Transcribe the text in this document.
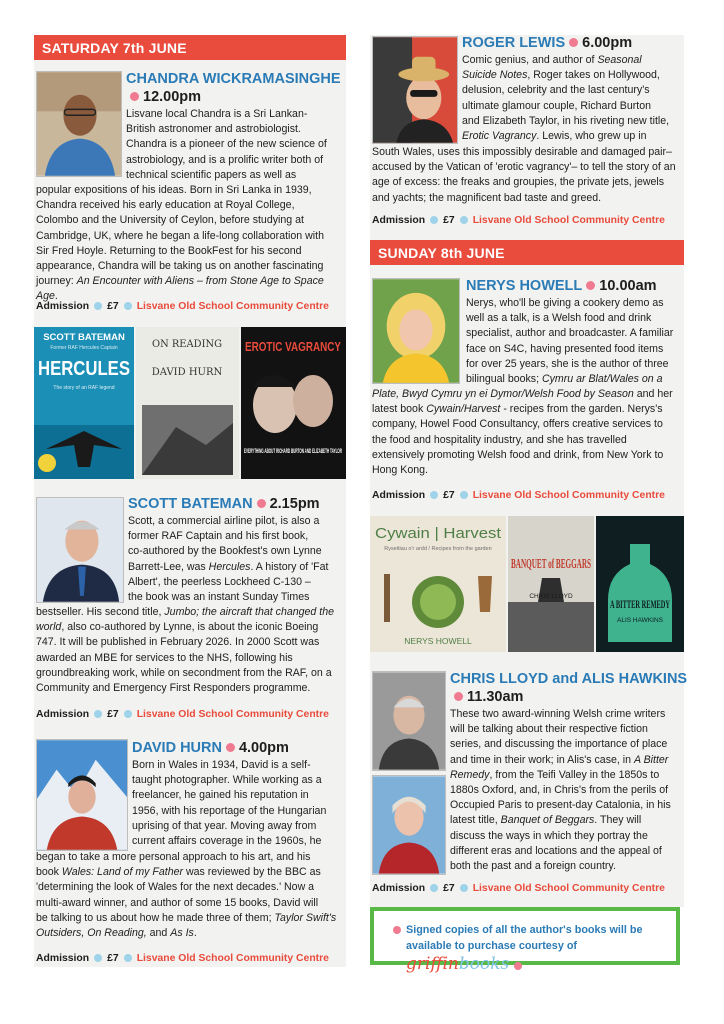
SATURDAY 7th JUNE
CHANDRA WICKRAMASINGHE
12.00pm
Lisvane local Chandra is a Sri Lankan-
British astronomer and astrobiologist.
Chandra is a pioneer of the new science of
astrobiology, and is a prolific writer both of
technical scientific papers as well as
popular expositions of his ideas. Born in Sri Lanka in 1939,
Chandra received his early education at Royal College,
Colombo and the University of Ceylon, before studying at
Cambridge, UK, where he began a life-long collaboration with
Sir Fred Hoyle. Returning to the BookFest for his second
appearance, Chandra will be taking us on another fascinating
journey: An Encounter with Aliens – from Stone Age to Space Age.
Admission £7 Lisvane Old School Community Centre
SCOTT BATEMAN
Former RAF Hercules Captain
HERCULES
The story of an RAF legend
ON READING
DAVID HURN
EROTIC VAGRANCY
EVERYTHING ABOUT RICHARD BURTON AND ELIZABETH TAYLOR
SCOTT BATEMAN 2.15pm
Scott, a commercial airline pilot, is also a
former RAF Captain and his first book,
co-authored by the Bookfest's own Lynne
Barrett-Lee, was Hercules. A history of 'Fat
Albert', the peerless Lockheed C-130 –
the book was an instant Sunday Times
bestseller. His second title, Jumbo; the aircraft that changed the
world, also co-authored by Lynne, is about the iconic Boeing
747. It will be published in February 2026. In 2000 Scott was
awarded an MBE for services to the NHS, following his
groundbreaking work, while on secondment from the RAF, on a
Community and Emergency First Responders programme.
Admission £7 Lisvane Old School Community Centre
DAVID HURN 4.00pm
Born in Wales in 1934, David is a self-
taught photographer. While working as a
freelancer, he gained his reputation in
1956, with his reportage of the Hungarian
uprising of that year. Moving away from
current affairs coverage in the 1960s, he
began to take a more personal approach to his art, and his
book Wales: Land of my Father was reviewed by the BBC as
'determining the look of Wales for the next decades.' Now a
multi-award winner, and author of some 15 books, David will
be talking to us about how he made three of them; Taylor Swift's
Outsiders, On Reading, and As Is.
Admission £7 Lisvane Old School Community Centre
ROGER LEWIS 6.00pm
Comic genius, and author of Seasonal
Suicide Notes, Roger takes on Hollywood,
delusion, celebrity and the last century's
ultimate glamour couple, Richard Burton
and Elizabeth Taylor, in his riveting new title,
Erotic Vagrancy. Lewis, who grew up in
South Wales, uses this impossibly desirable and damaged pair–
accused by the Vatican of 'erotic vagrancy'– to tell the story of an
age of excess: the freaks and groupies, the private jets, jewels
and yachts; the magnificent bad taste and greed.
Admission £7 Lisvane Old School Community Centre
SUNDAY 8th JUNE
NERYS HOWELL 10.00am
Nerys, who'll be giving a cookery demo as
well as a talk, is a Welsh food and drink
specialist, author and broadcaster. A familiar
face on S4C, having presented food items
for over 25 years, she is the author of three
bilingual books; Cymru ar Blat/Wales on a
Plate, Bwyd Cymru yn ei Dymor/Welsh Food by Season and her
latest book Cywain/Harvest - recipes from the garden. Nerys's
company, Howel Food Consultancy, offers creative services to
the food and hospitality industry, and she has travelled
extensively promoting Welsh food and drink, from New York to
Hong Kong.
Admission £7 Lisvane Old School Community Centre
Cywain | Harvest
Ryseitiau o'r ardd / Recipes from the garden
NERYS HOWELL
BANQUET of BEGGARS
CHRIS LLOYD
A BITTER REMEDY
ALIS HAWKINS
CHRIS LLOYD and ALIS HAWKINS
11.30am
These two award-winning Welsh crime writers
will be talking about their respective fiction
series, and discussing the importance of place
and time in their work; in Alis's case, in A Bitter
Remedy, from the Teifi Valley in the 1850s to
1880s Oxford, and, in Chris's from the perils of
Occupied Paris to present-day Catalonia, in his
latest title, Banquet of Beggars. They will
discuss the ways in which they portray the
different eras and locations and the appeal of
both the past and a foreign country.
Admission £7 Lisvane Old School Community Centre
Signed copies of all the author's books will be
available to purchase courtesy of griffinbooks
